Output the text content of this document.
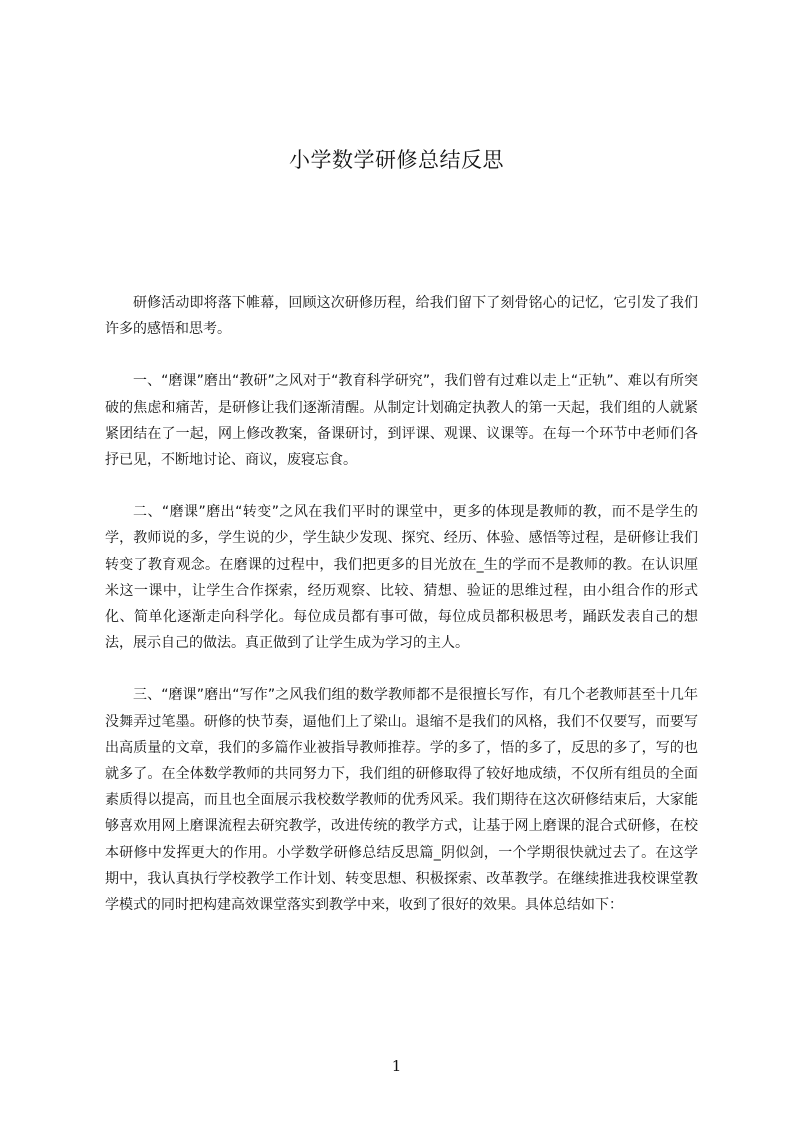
小学数学研修总结反思

研修活动即将落下帷幕，回顾这次研修历程，给我们留下了刻骨铭心的记忆，它引发了我们许多的感悟和思考。

一、“磨课”磨出“教研”之风对于“教育科学研究”，我们曾有过难以走上“正轨”、难以有所突破的焦虑和痛苦，是研修让我们逐渐清醒。从制定计划确定执教人的第一天起，我们组的人就紧紧团结在了一起，网上修改教案，备课研讨，到评课、观课、议课等。在每一个环节中老师们各抒已见，不断地讨论、商议，废寝忘食。

二、“磨课”磨出“转变”之风在我们平时的课堂中，更多的体现是教师的教，而不是学生的学，教师说的多，学生说的少，学生缺少发现、探究、经历、体验、感悟等过程，是研修让我们转变了教育观念。在磨课的过程中，我们把更多的目光放在_生的学而不是教师的教。在认识厘米这一课中，让学生合作探索，经历观察、比较、猜想、验证的思维过程，由小组合作的形式化、简单化逐渐走向科学化。每位成员都有事可做，每位成员都积极思考，踊跃发表自己的想法，展示自己的做法。真正做到了让学生成为学习的主人。

三、“磨课”磨出“写作”之风我们组的数学教师都不是很擅长写作，有几个老教师甚至十几年没舞弄过笔墨。研修的快节奏，逼他们上了梁山。退缩不是我们的风格，我们不仅要写，而要写出高质量的文章，我们的多篇作业被指导教师推荐。学的多了，悟的多了，反思的多了，写的也就多了。在全体数学教师的共同努力下，我们组的研修取得了较好地成绩，不仅所有组员的全面素质得以提高，而且也全面展示我校数学教师的优秀风采。我们期待在这次研修结束后，大家能够喜欢用网上磨课流程去研究教学，改进传统的教学方式，让基于网上磨课的混合式研修，在校本研修中发挥更大的作用。小学数学研修总结反思篇_阴似剑，一个学期很快就过去了。在这学期中，我认真执行学校教学工作计划、转变思想、积极探索、改革教学。在继续推进我校课堂教学模式的同时把构建高效课堂落实到教学中来，收到了很好的效果。具体总结如下：

1
